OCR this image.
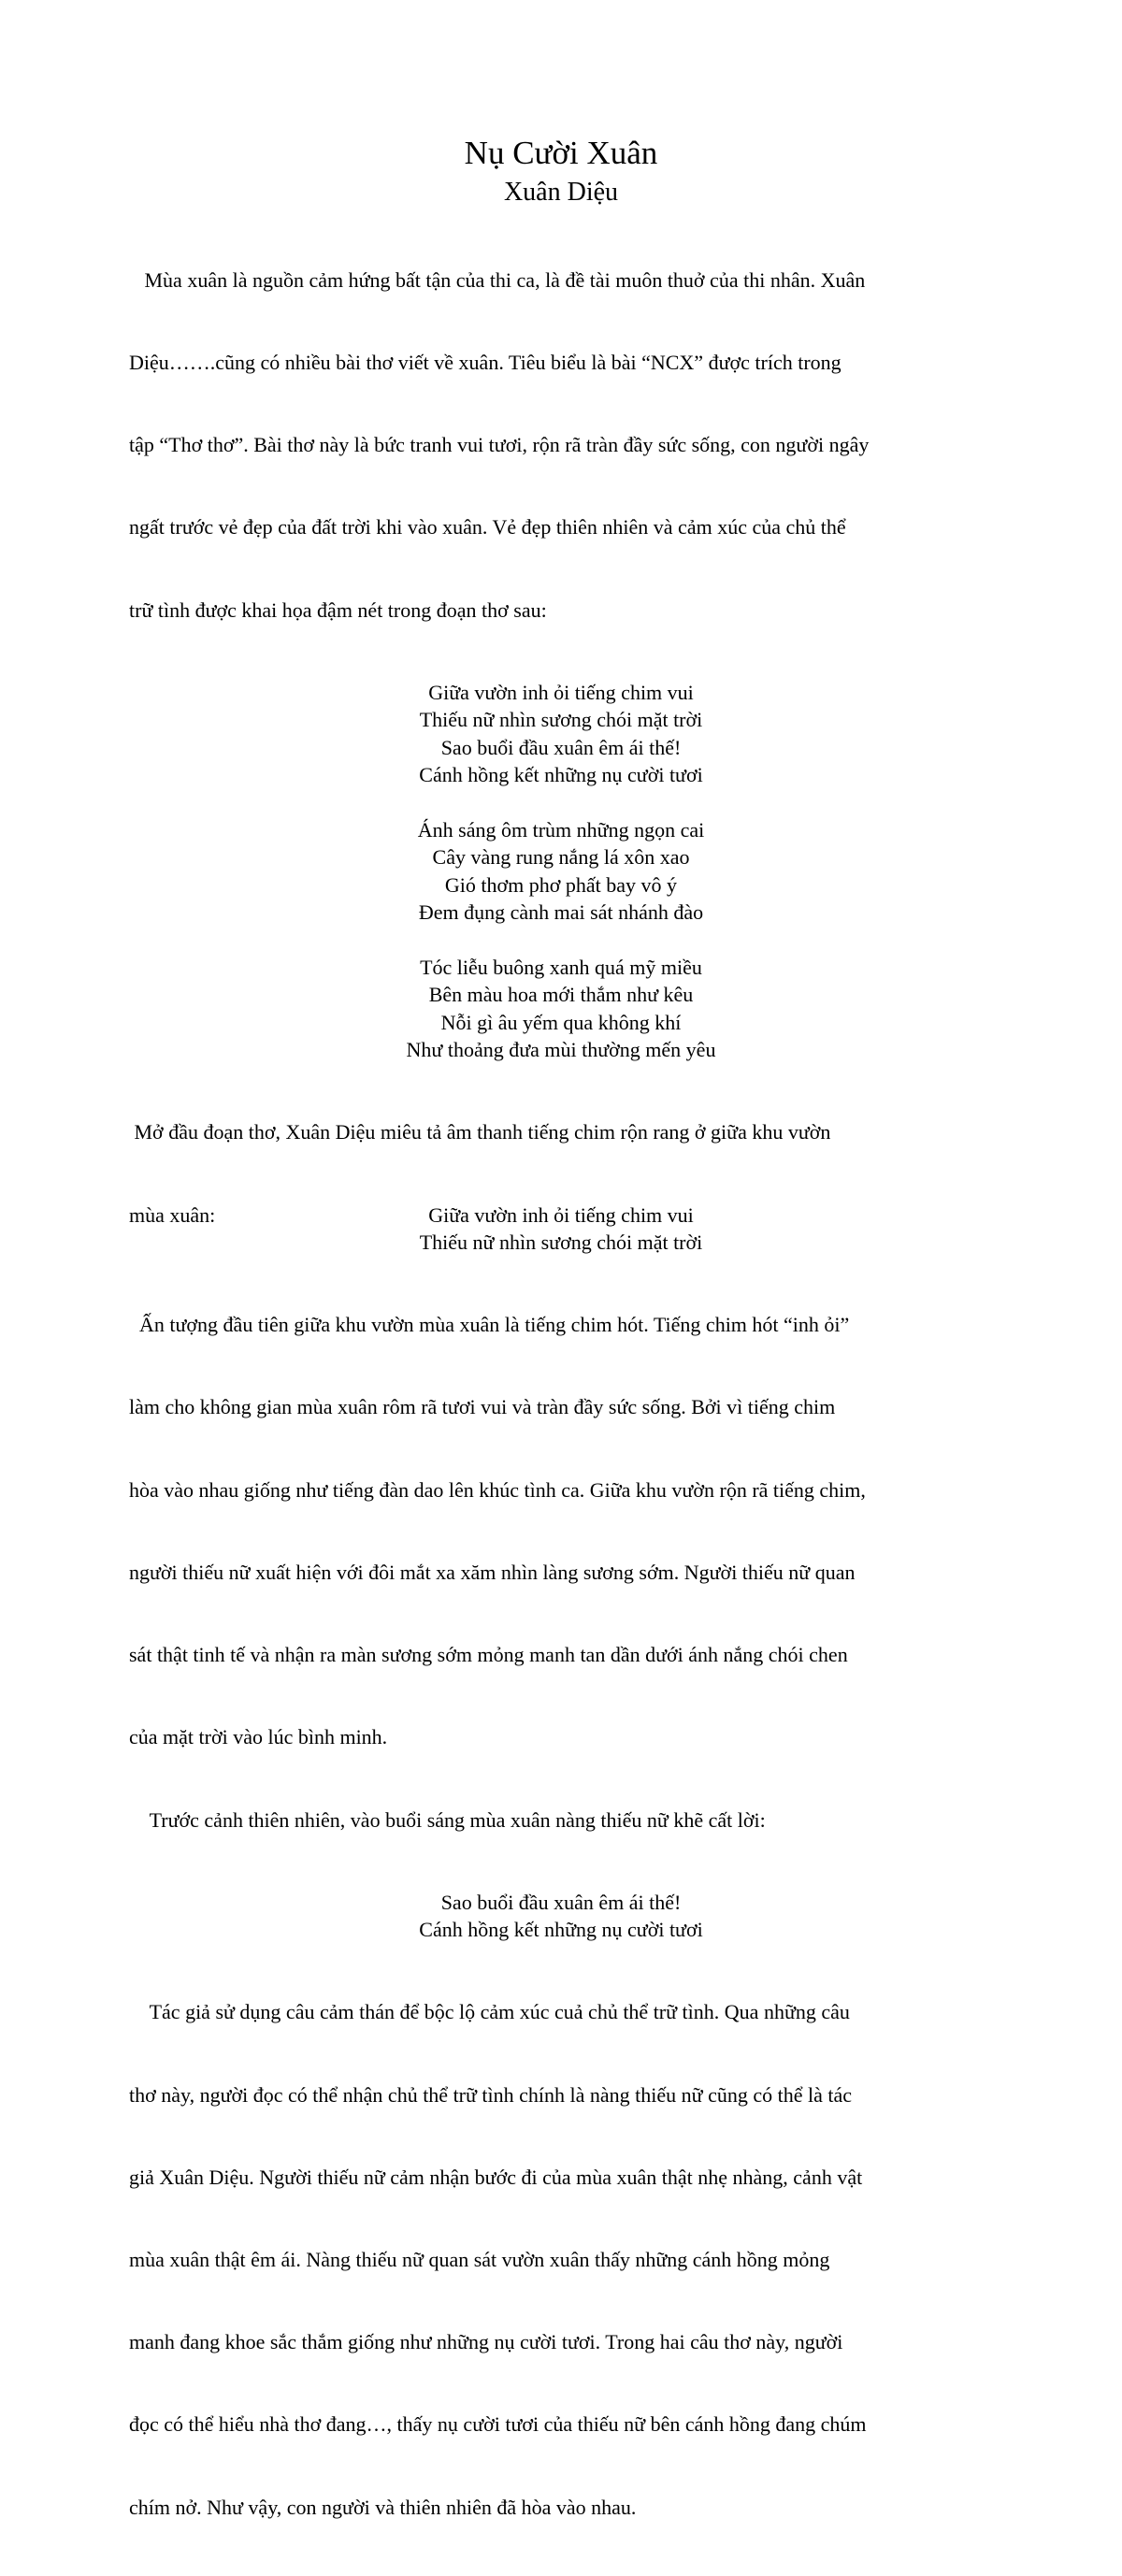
Nụ Cười Xuân
Xuân Diệu

Mùa xuân là nguồn cảm hứng bất tận của thi ca, là đề tài muôn thuở của thi nhân. Xuân

Diệu…….cũng có nhiều bài thơ viết về xuân. Tiêu biểu là bài “NCX” được trích trong

tập “Thơ thơ”. Bài thơ này là bức tranh vui tươi, rộn rã tràn đầy sức sống, con người ngây

ngất trước vẻ đẹp của đất trời khi vào xuân. Vẻ đẹp thiên nhiên và cảm xúc của chủ thể

trữ tình được khai họa đậm nét trong đoạn thơ sau:

Giữa vườn inh ỏi tiếng chim vui
Thiếu nữ nhìn sương chói mặt trời
Sao buổi đầu xuân êm ái thế!
Cánh hồng kết những nụ cười tươi
Ánh sáng ôm trùm những ngọn cai
Cây vàng rung nắng lá xôn xao
Gió thơm phơ phất bay vô ý
Đem đụng cành mai sát nhánh đào
Tóc liễu buông xanh quá mỹ miều
Bên màu hoa mới thắm như kêu
Nỗi gì âu yếm qua không khí
Như thoảng đưa mùi thường mến yêu

Mở đầu đoạn thơ, Xuân Diệu miêu tả âm thanh tiếng chim rộn rang ở giữa khu vườn

mùa xuân:	Giữa vườn inh ỏi tiếng chim vui
Thiếu nữ nhìn sương chói mặt trời

Ấn tượng đầu tiên giữa khu vườn mùa xuân là tiếng chim hót. Tiếng chim hót “inh ỏi”

làm cho không gian mùa xuân rôm rã tươi vui và tràn đầy sức sống. Bởi vì tiếng chim

hòa vào nhau giống như tiếng đàn dao lên khúc tình ca. Giữa khu vườn rộn rã tiếng chim,

người thiếu nữ xuất hiện với đôi mắt xa xăm nhìn làng sương sớm. Người thiếu nữ quan

sát thật tinh tế và nhận ra màn sương sớm mỏng manh tan dần dưới ánh nắng chói chen

của mặt trời vào lúc bình minh.

Trước cảnh thiên nhiên, vào buổi sáng mùa xuân nàng thiếu nữ khẽ cất lời:

Sao buổi đầu xuân êm ái thế!
Cánh hồng kết những nụ cười tươi

Tác giả sử dụng câu cảm thán để bộc lộ cảm xúc cuả chủ thể trữ tình. Qua những câu

thơ này, người đọc có thể nhận chủ thể trữ tình chính là nàng thiếu nữ cũng có thể là tác

giả Xuân Diệu. Người thiếu nữ cảm nhận bước đi của mùa xuân thật nhẹ nhàng, cảnh vật

mùa xuân thật êm ái. Nàng thiếu nữ quan sát vườn xuân thấy những cánh hồng mỏng

manh đang khoe sắc thắm giống như những nụ cười tươi. Trong hai câu thơ này, người

đọc có thể hiểu nhà thơ đang…, thấy nụ cười tươi của thiếu nữ bên cánh hồng đang chúm

chím nở. Như vậy, con người và thiên nhiên đã hòa vào nhau.
